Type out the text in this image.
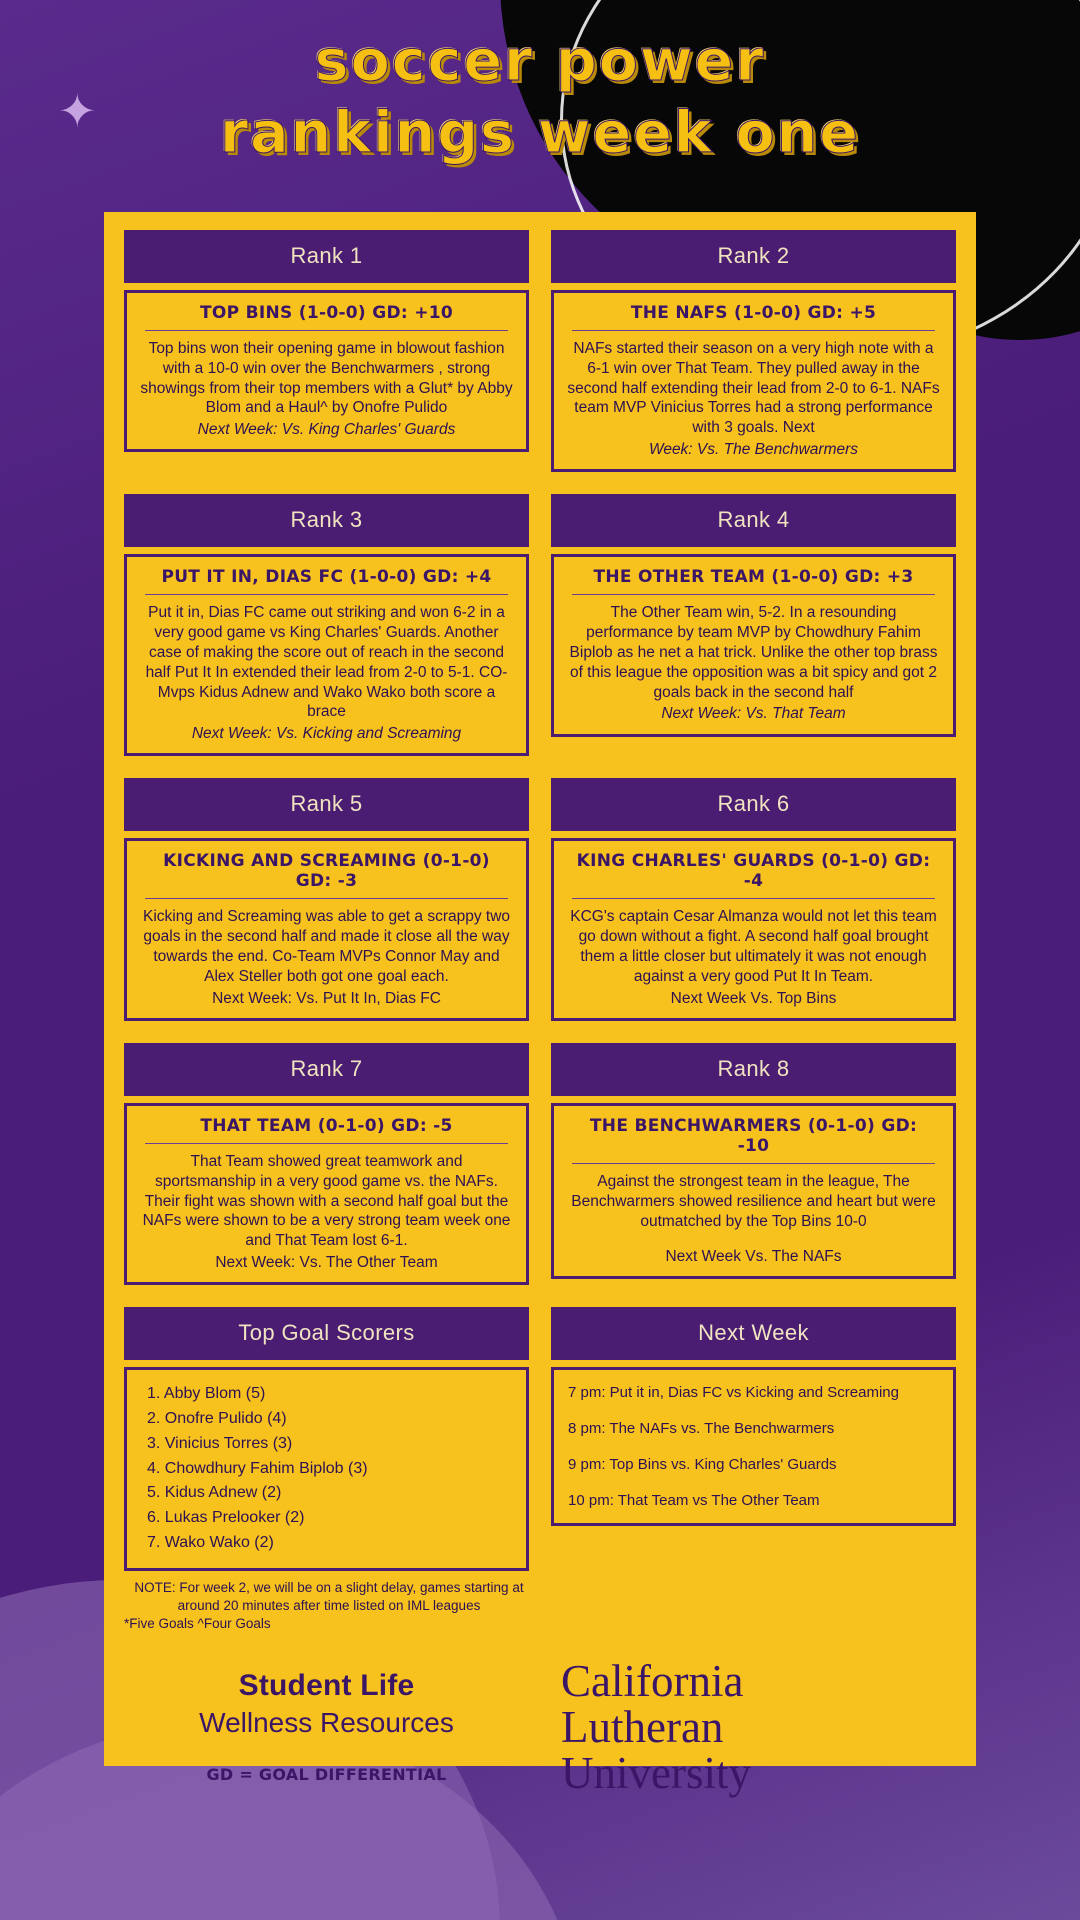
✦
soccer power
rankings week one
Rank 1
TOP BINS (1-0-0) GD: +10
Top bins won their opening game in blowout fashion with a 10-0 win over the Benchwarmers , strong showings from their top members with a Glut* by Abby Blom and a Haul^ by Onofre Pulido
Next Week: Vs. King Charles' Guards
Rank 2
THE NAFS (1-0-0) GD: +5
NAFs started their season on a very high note with a 6-1 win over That Team. They pulled away in the second half extending their lead from 2-0 to 6-1. NAFs team MVP Vinicius Torres had a strong performance with 3 goals. Next
Week: Vs. The Benchwarmers
Rank 3
PUT IT IN, DIAS FC (1-0-0) GD: +4
Put it in, Dias FC came out striking and won 6-2 in a very good game vs King Charles' Guards. Another case of making the score out of reach in the second half Put It In extended their lead from 2-0 to 5-1. CO-Mvps Kidus Adnew and Wako Wako both score a brace
Next Week: Vs. Kicking and Screaming
Rank 4
THE OTHER TEAM (1-0-0) GD: +3
The Other Team win, 5-2. In a resounding performance by team MVP by Chowdhury Fahim Biplob as he net a hat trick. Unlike the other top brass of this league the opposition was a bit spicy and got 2 goals back in the second half
Next Week: Vs. That Team
Rank 5
KICKING AND SCREAMING (0-1-0) GD: -3
Kicking and Screaming was able to get a scrappy two goals in the second half and made it close all the way towards the end. Co-Team MVPs Connor May and Alex Steller both got one goal each.
Next Week: Vs. Put It In, Dias FC
Rank 6
KING CHARLES' GUARDS (0-1-0) GD: -4
KCG's captain Cesar Almanza would not let this team go down without a fight. A second half goal brought them a little closer but ultimately it was not enough against a very good Put It In Team.
Next Week Vs. Top Bins
Rank 7
THAT TEAM (0-1-0) GD: -5
That Team showed great teamwork and sportsmanship in a very good game vs. the NAFs. Their fight was shown with a second half goal but the NAFs were shown to be a very strong team week one and That Team lost 6-1.
Next Week: Vs. The Other Team
Rank 8
THE BENCHWARMERS (0-1-0) GD: -10
Against the strongest team in the league, The Benchwarmers showed resilience and heart but were outmatched by the Top Bins 10-0
Next Week Vs. The NAFs
Top Goal Scorers
Abby Blom (5)
Onofre Pulido (4)
Vinicius Torres (3)
Chowdhury Fahim Biplob (3)
Kidus Adnew (2)
Lukas Prelooker (2)
Wako Wako (2)
Next Week
7 pm: Put it in, Dias FC vs Kicking and Screaming
8 pm: The NAFs vs. The Benchwarmers
9 pm: Top Bins vs. King Charles' Guards
10 pm: That Team vs The Other Team
NOTE: For week 2, we will be on a slight delay, games starting at around 20 minutes after time listed on IML leagues
*Five Goals ^Four Goals
Student Life
Wellness Resources
GD = GOAL DIFFERENTIAL
California
Lutheran
University
